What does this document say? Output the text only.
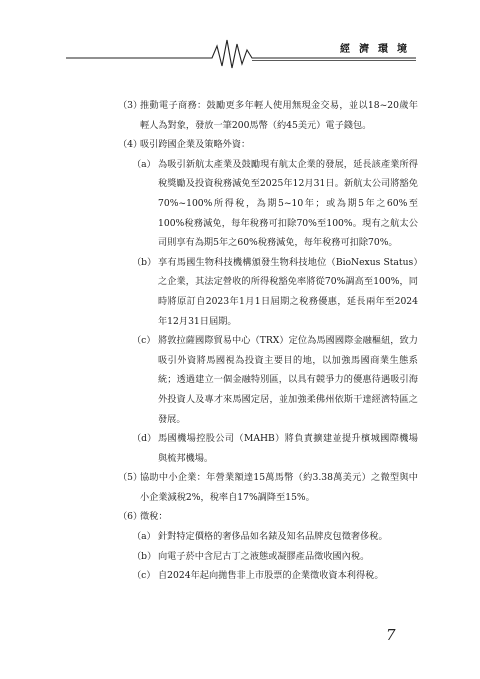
經濟環境
（3）
推動電子商務：鼓勵更多年輕人使用無現金交易，並以18~20歲年輕人為對象，發放一筆200馬幣（約45美元）電子錢包。
（4）
吸引跨國企業及策略外資：
（a） 為吸引新航太產業及鼓勵現有航太企業的發展，延長該產業所得稅獎勵及投資稅務減免至2025年12月31日。新航太公司將豁免70%~100%所得稅，為期5~10年；或為期5年之60%至100%稅務減免，每年稅務可扣除70%至100%。現有之航太公司則享有為期5年之60%稅務減免，每年稅務可扣除70%。
（b） 享有馬國生物科技機構頒發生物科技地位（BioNexus Status）之企業，其法定營收的所得稅豁免率將從70%調高至100%，同時將原訂自2023年1月1日屆期之稅務優惠，延長兩年至2024年12月31日屆期。
（c） 將敦拉薩國際貿易中心（TRX）定位為馬國國際金融樞紐，致力吸引外資將馬國視為投資主要目的地，以加強馬國商業生態系統；透過建立一個金融特別區，以具有競爭力的優惠待遇吸引海外投資人及專才來馬國定居，並加強柔佛州依斯干達經濟特區之發展。
（d） 馬國機場控股公司（MAHB）將負責擴建並提升檳城國際機場與梳邦機場。
（5）
協助中小企業：年營業額達15萬馬幣（約3.38萬美元）之微型與中小企業減稅2%，稅率自17%調降至15%。
（6）
徵稅：
（a） 針對特定價格的奢侈品如名錶及知名品牌皮包徵奢侈稅。
（b） 向電子菸中含尼古丁之液態或凝膠產品徵收國內稅。
（c） 自2024年起向拋售非上市股票的企業徵收資本利得稅。
7
